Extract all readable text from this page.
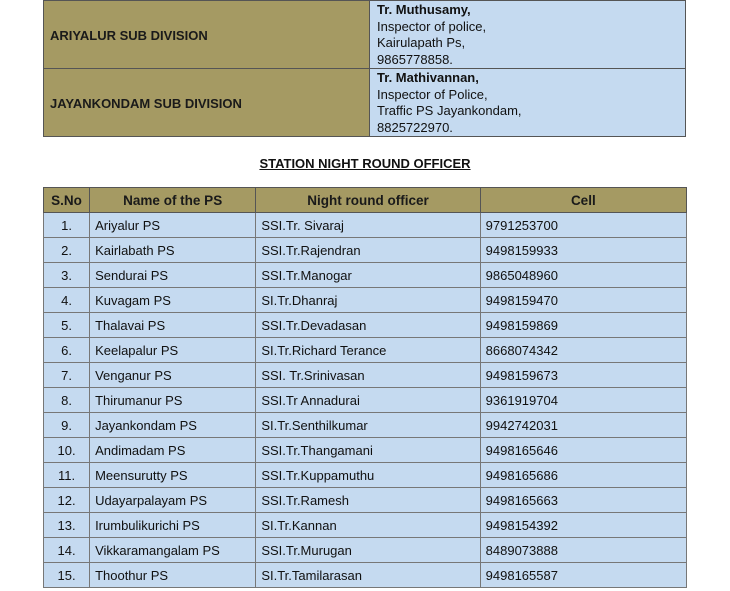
ARIYALUR SUB DIVISION	Tr. Muthusamy,
Inspector of police,
Kairulapath Ps,
9865778858.

JAYANKONDAM SUB DIVISION	Tr. Mathivannan,
Inspector of Police,
Traffic PS Jayankondam,
8825722970.
STATION NIGHT ROUND OFFICER
S.No	Name of the PS	Night round officer	Cell
1.	Ariyalur PS	SSI.Tr. Sivaraj	9791253700
2.	Kairlabath PS	SSI.Tr.Rajendran	9498159933
3.	Sendurai PS	SSI.Tr.Manogar	9865048960
4.	Kuvagam PS	SI.Tr.Dhanraj	9498159470
5.	Thalavai PS	SSI.Tr.Devadasan	9498159869
6.	Keelapalur PS	SI.Tr.Richard Terance	8668074342
7.	Venganur PS	SSI. Tr.Srinivasan	9498159673
8.	Thirumanur PS	SSI.Tr Annadurai	9361919704
9.	Jayankondam PS	SI.Tr.Senthilkumar	9942742031
10.	Andimadam PS	SSI.Tr.Thangamani	9498165646
11.	Meensurutty PS	SSI.Tr.Kuppamuthu	9498165686
12.	Udayarpalayam PS	SSI.Tr.Ramesh	9498165663
13.	Irumbulikurichi PS	SI.Tr.Kannan	9498154392
14.	Vikkaramangalam PS	SSI.Tr.Murugan	8489073888
15.	Thoothur PS	SI.Tr.Tamilarasan	9498165587
